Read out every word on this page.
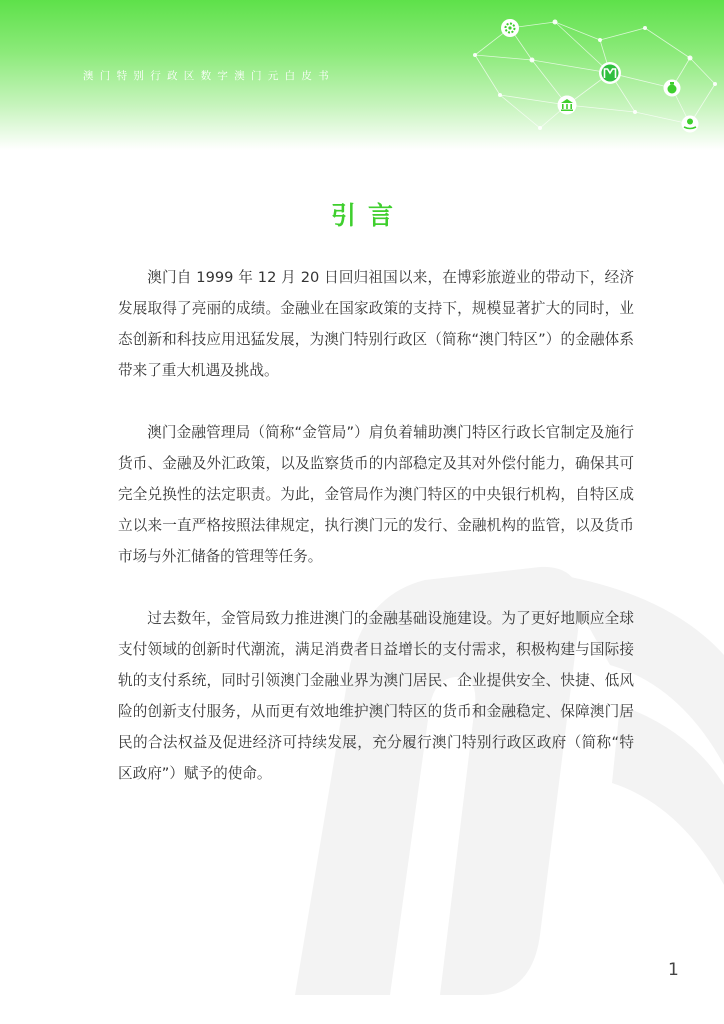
澳门特别行政区数字澳门元白皮书
引言

澳门自 1999 年 12 月 20 日回归祖国以来，在博彩旅遊业的带动下，经济发展取得了亮丽的成绩。金融业在国家政策的支持下，规模显著扩大的同时，业态创新和科技应用迅猛发展，为澳门特别行政区（简称“澳门特区”）的金融体系带来了重大机遇及挑战。

澳门金融管理局（简称“金管局”）肩负着辅助澳门特区行政长官制定及施行货币、金融及外汇政策，以及监察货币的内部稳定及其对外偿付能力，确保其可完全兑换性的法定职责。为此，金管局作为澳门特区的中央银行机构，自特区成立以来一直严格按照法律规定，执行澳门元的发行、金融机构的监管，以及货币市场与外汇储备的管理等任务。

过去数年，金管局致力推进澳门的金融基础设施建设。为了更好地顺应全球支付领域的创新时代潮流，满足消费者日益增长的支付需求，积极构建与国际接轨的支付系统，同时引领澳门金融业界为澳门居民、企业提供安全、快捷、低风险的创新支付服务，从而更有效地维护澳门特区的货币和金融稳定、保障澳门居民的合法权益及促进经济可持续发展，充分履行澳门特别行政区政府（简称“特区政府”）赋予的使命。

1
